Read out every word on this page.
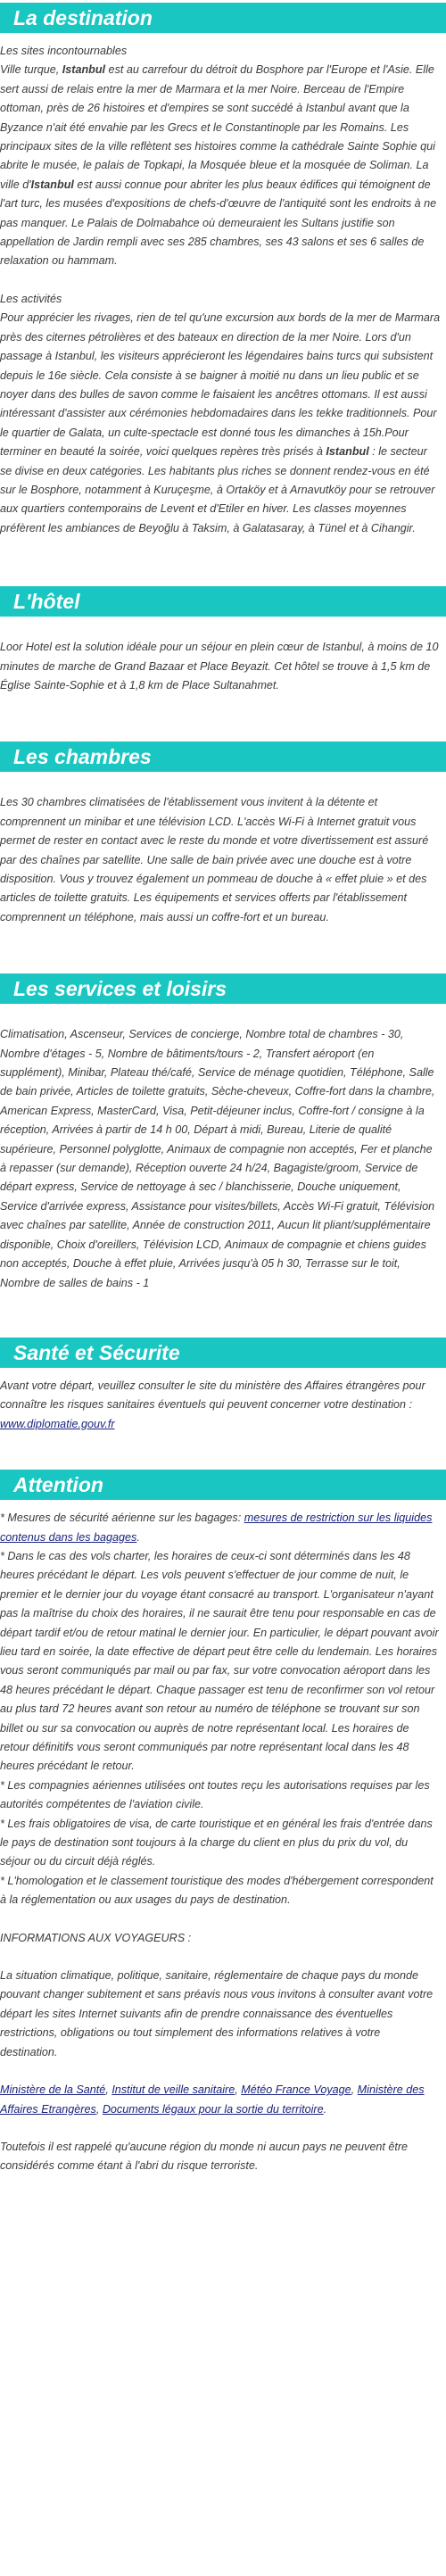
La destination

Les sites incontournables

Ville turque, Istanbul est au carrefour du détroit du Bosphore par l'Europe et l'Asie. Elle sert aussi de relais entre la mer de Marmara et la mer Noire. Berceau de l'Empire ottoman, près de 26 histoires et d'empires se sont succédé à Istanbul avant que la Byzance n'ait été envahie par les Grecs et le Constantinople par les Romains. Les principaux sites de la ville reflètent ses histoires comme la cathédrale Sainte Sophie qui abrite le musée, le palais de Topkapi, la Mosquée bleue et la mosquée de Soliman. La ville d'Istanbul est aussi connue pour abriter les plus beaux édifices qui témoignent de l'art turc, les musées d'expositions de chefs-d'œuvre de l'antiquité sont les endroits à ne pas manquer. Le Palais de Dolmabahce où demeuraient les Sultans justifie son appellation de Jardin rempli avec ses 285 chambres, ses 43 salons et ses 6 salles de relaxation ou hammam.

Les activités

Pour apprécier les rivages, rien de tel qu'une excursion aux bords de la mer de Marmara près des citernes pétrolières et des bateaux en direction de la mer Noire. Lors d'un passage à Istanbul, les visiteurs apprécieront les légendaires bains turcs qui subsistent depuis le 16e siècle. Cela consiste à se baigner à moitié nu dans un lieu public et se noyer dans des bulles de savon comme le faisaient les ancêtres ottomans. Il est aussi intéressant d'assister aux cérémonies hebdomadaires dans les tekke traditionnels. Pour le quartier de Galata, un culte-spectacle est donné tous les dimanches à 15h.Pour terminer en beauté la soirée, voici quelques repères très prisés à Istanbul : le secteur se divise en deux catégories. Les habitants plus riches se donnent rendez-vous en été sur le Bosphore, notamment à Kuruçeşme, à Ortaköy et à Arnavutköy pour se retrouver aux quartiers contemporains de Levent et d'Etiler en hiver. Les classes moyennes préfèrent les ambiances de Beyoğlu à Taksim, à Galatasaray, à Tünel et à Cihangir.

L'hôtel

Loor Hotel est la solution idéale pour un séjour en plein cœur de Istanbul, à moins de 10 minutes de marche de Grand Bazaar et Place Beyazit. Cet hôtel se trouve à 1,5 km de Église Sainte-Sophie et à 1,8 km de Place Sultanahmet.

Les chambres

Les 30 chambres climatisées de l'établissement vous invitent à la détente et comprennent un minibar et une télévision LCD. L'accès Wi-Fi à Internet gratuit vous permet de rester en contact avec le reste du monde et votre divertissement est assuré par des chaînes par satellite. Une salle de bain privée avec une douche est à votre disposition. Vous y trouvez également un pommeau de douche à « effet pluie » et des articles de toilette gratuits. Les équipements et services offerts par l'établissement comprennent un téléphone, mais aussi un coffre-fort et un bureau.

Les services et loisirs

Climatisation, Ascenseur, Services de concierge, Nombre total de chambres - 30, Nombre d'étages - 5, Nombre de bâtiments/tours - 2, Transfert aéroport (en supplément), Minibar, Plateau thé/café, Service de ménage quotidien, Téléphone, Salle de bain privée, Articles de toilette gratuits, Sèche-cheveux, Coffre-fort dans la chambre, American Express, MasterCard, Visa, Petit-déjeuner inclus, Coffre-fort / consigne à la réception, Arrivées à partir de 14 h 00, Départ à midi, Bureau, Literie de qualité supérieure, Personnel polyglotte, Animaux de compagnie non acceptés, Fer et planche à repasser (sur demande), Réception ouverte 24 h/24, Bagagiste/groom, Service de départ express, Service de nettoyage à sec / blanchisserie, Douche uniquement, Service d'arrivée express, Assistance pour visites/billets, Accès Wi-Fi gratuit, Télévision avec chaînes par satellite, Année de construction 2011, Aucun lit pliant/supplémentaire disponible, Choix d'oreillers, Télévision LCD, Animaux de compagnie et chiens guides non acceptés, Douche à effet pluie, Arrivées jusqu'à 05 h 30, Terrasse sur le toit, Nombre de salles de bains - 1

Santé et Sécurite

Avant votre départ, veuillez consulter le site du ministère des Affaires étrangères pour connaître les risques sanitaires éventuels qui peuvent concerner votre destination : www.diplomatie.gouv.fr

Attention

* Mesures de sécurité aérienne sur les bagages: mesures de restriction sur les liquides contenus dans les bagages.

* Dans le cas des vols charter, les horaires de ceux-ci sont déterminés dans les 48 heures précédant le départ. Les vols peuvent s'effectuer de jour comme de nuit, le premier et le dernier jour du voyage étant consacré au transport. L'organisateur n'ayant pas la maîtrise du choix des horaires, il ne saurait être tenu pour responsable en cas de départ tardif et/ou de retour matinal le dernier jour. En particulier, le départ pouvant avoir lieu tard en soirée, la date effective de départ peut être celle du lendemain. Les horaires vous seront communiqués par mail ou par fax, sur votre convocation aéroport dans les 48 heures précédant le départ. Chaque passager est tenu de reconfirmer son vol retour au plus tard 72 heures avant son retour au numéro de téléphone se trouvant sur son billet ou sur sa convocation ou auprès de notre représentant local. Les horaires de retour définitifs vous seront communiqués par notre représentant local dans les 48 heures précédant le retour.

* Les compagnies aériennes utilisées ont toutes reçu les autorisations requises par les autorités compétentes de l'aviation civile.

* Les frais obligatoires de visa, de carte touristique et en général les frais d'entrée dans le pays de destination sont toujours à la charge du client en plus du prix du vol, du séjour ou du circuit déjà réglés.

* L'homologation et le classement touristique des modes d'hébergement correspondent à la réglementation ou aux usages du pays de destination.

INFORMATIONS AUX VOYAGEURS :

La situation climatique, politique, sanitaire, réglementaire de chaque pays du monde pouvant changer subitement et sans préavis nous vous invitons à consulter avant votre départ les sites Internet suivants afin de prendre connaissance des éventuelles restrictions, obligations ou tout simplement des informations relatives à votre destination.

Ministère de la Santé, Institut de veille sanitaire, Météo France Voyage, Ministère des Affaires Etrangères, Documents légaux pour la sortie du territoire.

Toutefois il est rappelé qu'aucune région du monde ni aucun pays ne peuvent être considérés comme étant à l'abri du risque terroriste.
